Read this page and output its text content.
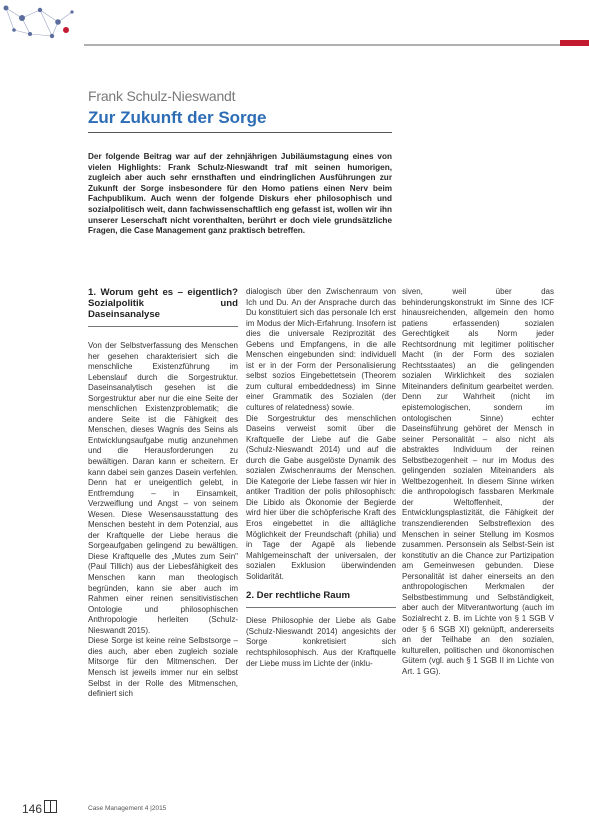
Frank Schulz-Nieswandt
Zur Zukunft der Sorge
Der folgende Beitrag war auf der zehnjährigen Jubiläumstagung eines von vielen Highlights: Frank Schulz-Nieswandt traf mit seinen humorigen, zugleich aber auch sehr ernsthaften und eindringlichen Ausführungen zur Zukunft der Sorge insbesondere für den Homo patiens einen Nerv beim Fachpublikum. Auch wenn der folgende Diskurs eher philosophisch und sozialpolitisch weit, dann fachwissenschaftlich eng gefasst ist, wollen wir ihn unserer Leserschaft nicht vorenthalten, berührt er doch viele grundsätzliche Fragen, die Case Management ganz praktisch betreffen.
1. Worum geht es – eigentlich? Sozialpolitik und Daseinsanalyse

Von der Selbstverfassung des Menschen her gesehen charakterisiert sich die menschliche Existenzführung im Lebenslauf durch die Sorgestruktur. Daseinsanalytisch gesehen ist die Sorgestruktur aber nur die eine Seite der menschlichen Existenzproblematik; die andere Seite ist die Fähigkeit des Menschen, dieses Wagnis des Seins als Entwicklungsaufgabe mutig anzunehmen und die Herausforderungen zu bewältigen. Daran kann er scheitern. Er kann dabei sein ganzes Dasein verfehlen. Denn hat er uneigentlich gelebt, in Entfremdung – in Einsamkeit, Verzweiflung und Angst – von seinem Wesen. Diese Wesensausstattung des Menschen besteht in dem Potenzial, aus der Kraftquelle der Liebe heraus die Sorgeaufgaben gelingend zu bewältigen. Diese Kraftquelle des „Mutes zum Sein" (Paul Tillich) aus der Liebesfähigkeit des Menschen kann man theologisch begründen, kann sie aber auch im Rahmen einer reinen sensitivistischen Ontologie und philosophischen Anthropologie herleiten (Schulz-Nieswandt 2015).

Diese Sorge ist keine reine Selbstsorge – dies auch, aber eben zugleich soziale Mitsorge für den Mitmenschen. Der Mensch ist jeweils immer nur ein selbst Selbst in der Rolle des Mitmenschen, definiert sich

dialogisch über den Zwischenraum von Ich und Du. An der Ansprache durch das Du konstituiert sich das personale Ich erst im Modus der Mich-Erfahrung. Insofern ist dies die universale Reziprozität des Gebens und Empfangens, in die alle Menschen eingebunden sind: individuell ist er in der Form der Personalisierung selbst sozios Eingebettetsein (Theorem zum cultural embeddedness) im Sinne einer Grammatik des Sozialen (der cultures of relatedness) sowie.

Die Sorgestruktur des menschlichen Daseins verweist somit über die Kraftquelle der Liebe auf die Gabe (Schulz-Nieswandt 2014) und auf die durch die Gabe ausgelöste Dynamik des sozialen Zwischenraums der Menschen. Die Kategorie der Liebe fassen wir hier in antiker Tradition der polis philosophisch: Die Libido als Ökonomie der Begierde wird hier über die schöpferische Kraft des Eros eingebettet in die alltägliche Möglichkeit der Freundschaft (philia) und in Tage der Agapē als liebende Mahlgemeinschaft der universalen, der sozialen Exklusion überwindenden Solidarität.

2. Der rechtliche Raum

Diese Philosophie der Liebe als Gabe (Schulz-Nieswandt 2014) angesichts der Sorge konkretisiert sich rechtsphilosophisch. Aus der Kraftquelle der Liebe muss im Lichte der (inklu-

siven, weil über das behinderungskonstrukt im Sinne des ICF hinausreichenden, allgemein den homo patiens erfassenden) sozialen Gerechtigkeit als Norm jeder Rechtsordnung mit legitimer politischer Macht (in der Form des sozialen Rechtsstaates) an die gelingenden sozialen Wirklichkeit des sozialen Miteinanders definitum gearbeitet werden. Denn zur Wahrheit (nicht im epistemologischen, sondern im ontologischen Sinne) echter Daseinsführung gehöret der Mensch in seiner Personalität – also nicht als abstraktes Individuum der reinen Selbstbezogenheit – nur im Modus des gelingenden sozialen Miteinanders als Weltbezogenheit. In diesem Sinne wirken die anthropologisch fassbaren Merkmale der Weltoffenheit, der Entwicklungsplastizität, die Fähigkeit der transzendierenden Selbstreflexion des Menschen in seiner Stellung im Kosmos zusammen. Personsein als Selbst-Sein ist konstitutiv an die Chance zur Partizipation am Gemeinwesen gebunden. Diese Personalität ist daher einerseits an den anthropologischen Merkmalen der Selbstbestimmung und Selbständigkeit, aber auch der Mitverantwortung (auch im Sozialrecht z. B. im Lichte von § 1 SGB V oder § 6 SGB XI) geknüpft, andererseits an der Teilhabe an den sozialen, kulturellen, politischen und ökonomischen Gütern (vgl. auch § 1 SGB II im Lichte von Art. 1 GG).

146	Case Management 4 |2015
